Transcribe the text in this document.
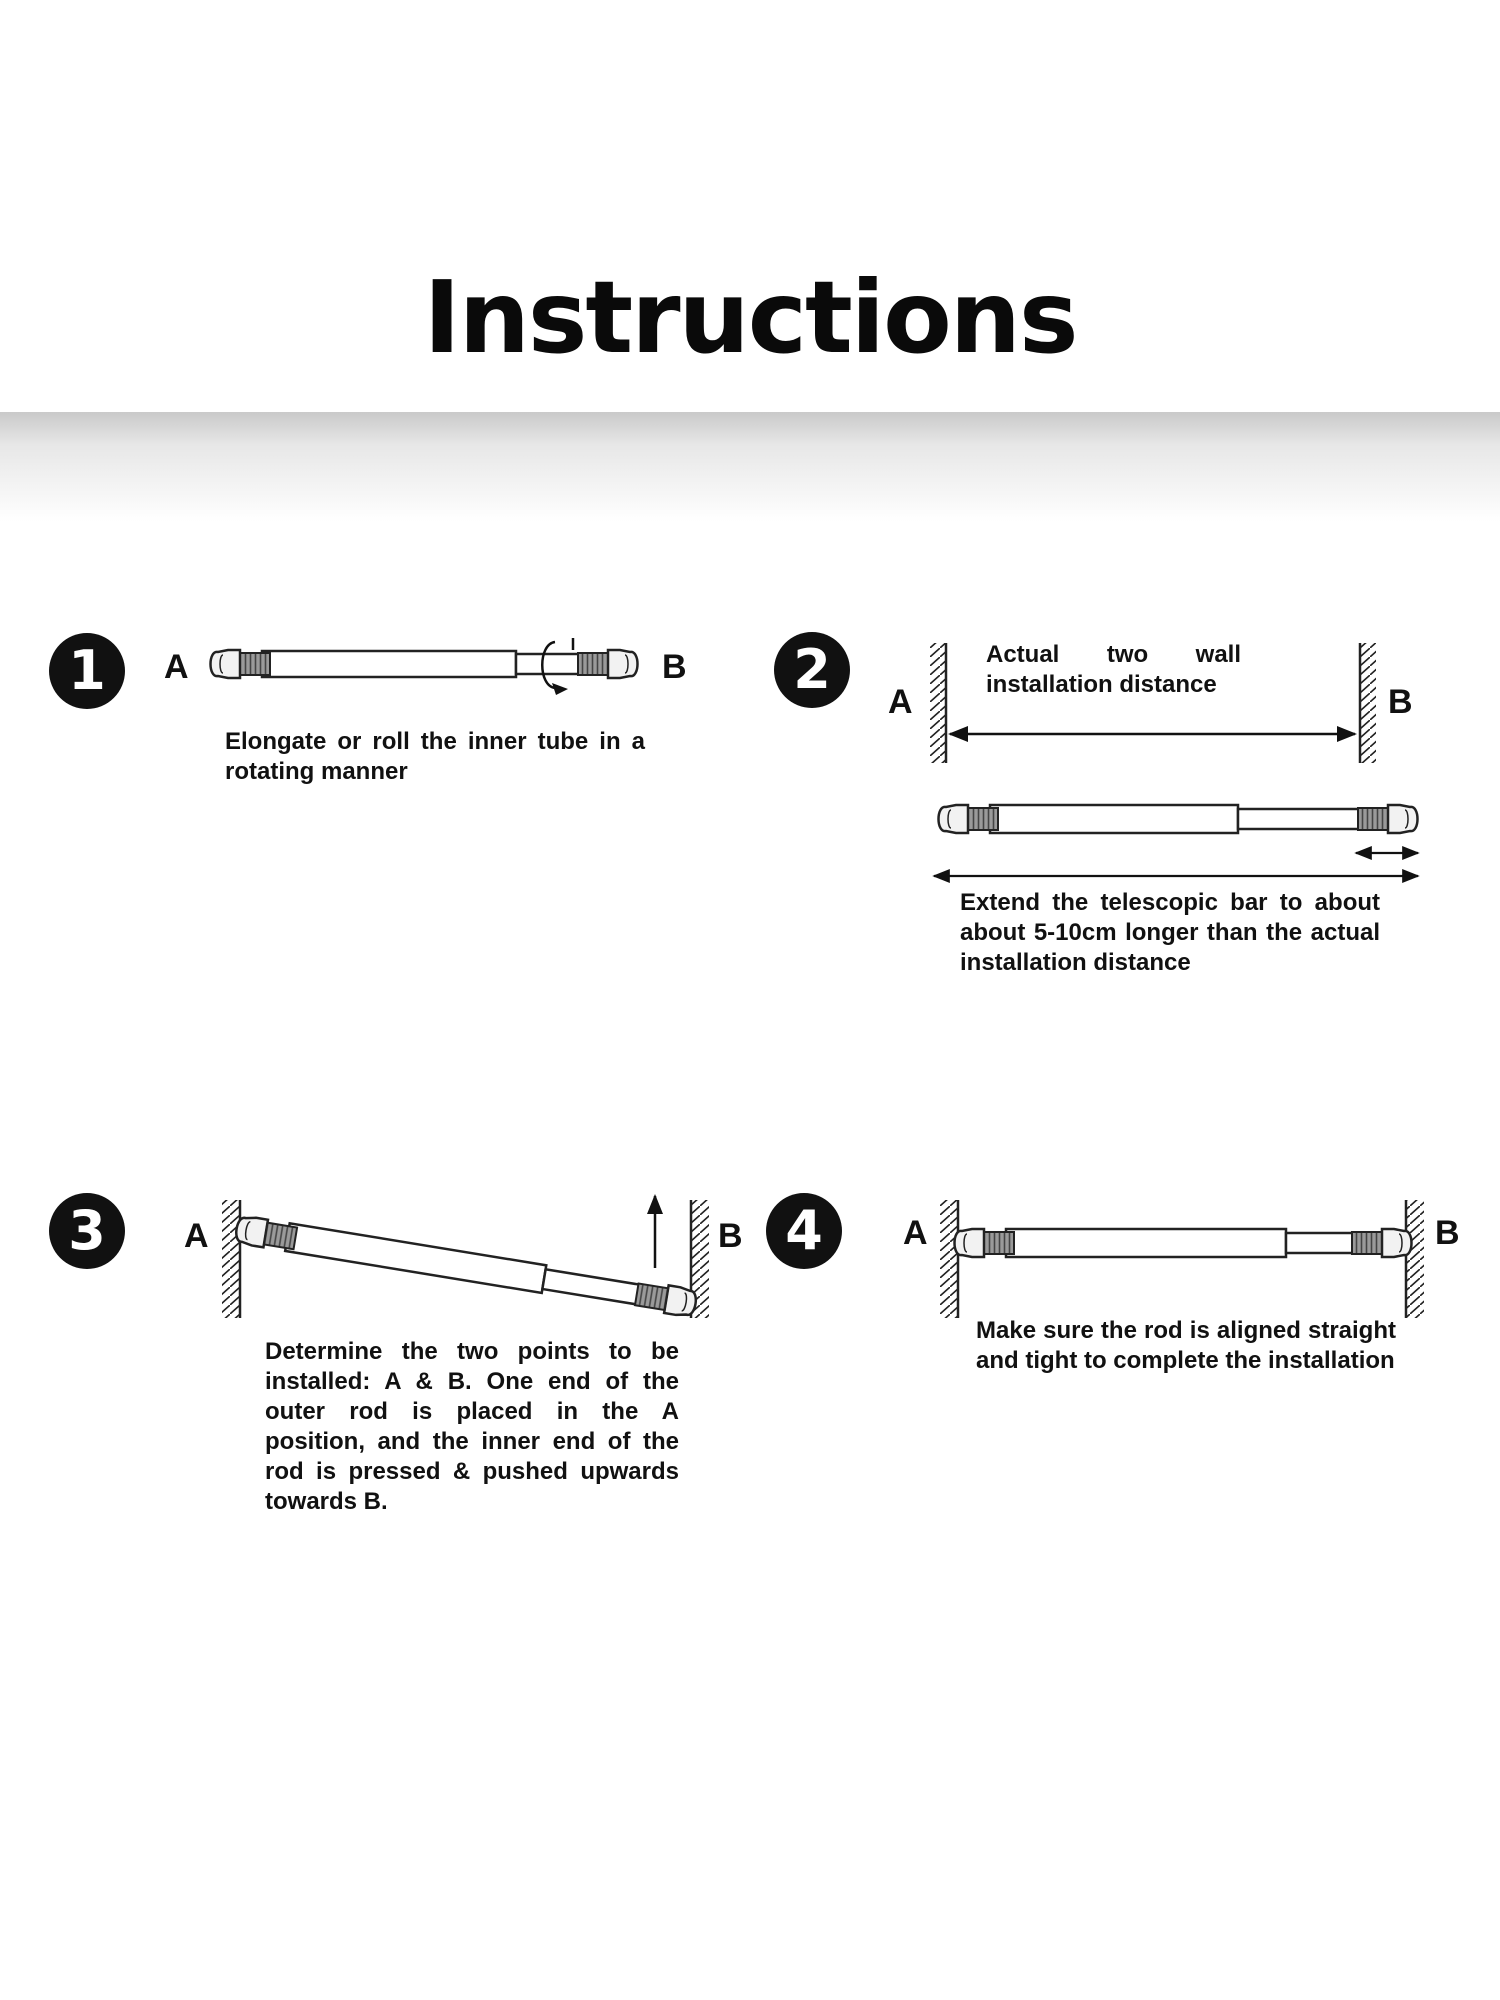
Instructions
1	A	B
Elongate or roll the inner tube in a rotating manner
2
A	B
Actual two wall installation distance
Extend the telescopic bar to about about 5-10cm longer than the actual installation distance
3	A	B
Determine the two points to be installed: A & B. One end of the outer rod is placed in the A position, and the inner end of the rod is pressed & pushed upwards towards B.
4	A	B
Make sure the rod is aligned straight and tight to complete the installation
